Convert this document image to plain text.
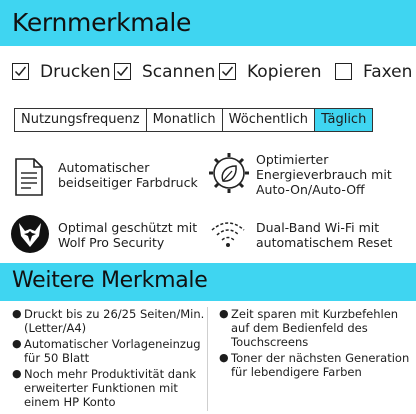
Kernmerkmale
Drucken Scannen Kopieren Faxen
Nutzungsfrequenz	Monatlich	Wöchentlich	Täglich
Automatischer
beidseitiger Farbdruck
Optimierter
Energieverbrauch mit
Auto-On/Auto-Off
Optimal geschützt mit
Wolf Pro Security
Dual-Band Wi-Fi mit
automatischem Reset
Weitere Merkmale
● Druckt bis zu 26/25 Seiten/Min. (Letter/A4)
● Automatischer Vorlageneinzug für 50 Blatt
● Noch mehr Produktivität dank erweiterter Funktionen mit einem HP Konto
● Zeit sparen mit Kurzbefehlen auf dem Bedienfeld des Touchscreens
● Toner der nächsten Generation für lebendigere Farben
